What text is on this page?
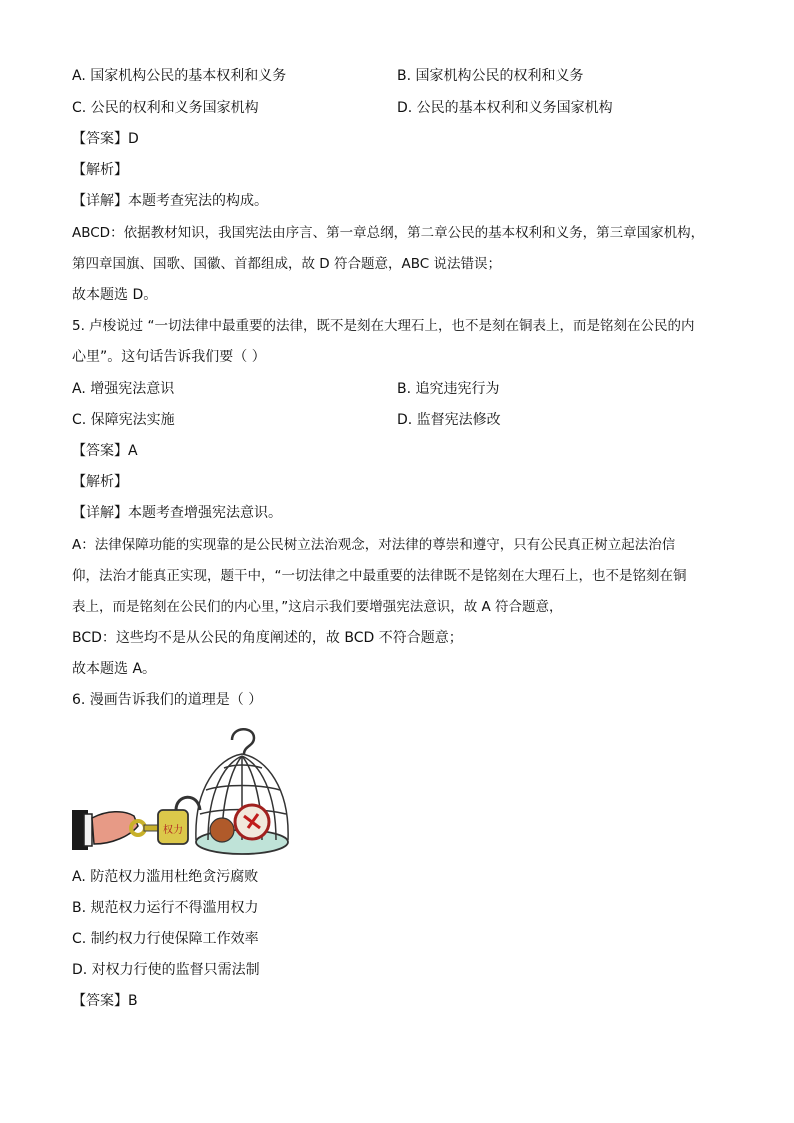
A. 国家机构公民的基本权利和义务	B. 国家机构公民的权利和义务
C. 公民的权利和义务国家机构	D. 公民的基本权利和义务国家机构
【答案】D
【解析】
【详解】本题考查宪法的构成。
ABCD：依据教材知识，我国宪法由序言、第一章总纲，第二章公民的基本权利和义务，第三章国家机构，
第四章国旗、国歌、国徽、首都组成，故 D 符合题意，ABC 说法错误；
故本题选 D。
5. 卢梭说过 “一切法律中最重要的法律，既不是刻在大理石上，也不是刻在铜表上，而是铭刻在公民的内
心里”。这句话告诉我们要（ ）
A. 增强宪法意识	B. 追究违宪行为
C. 保障宪法实施	D. 监督宪法修改
【答案】A
【解析】
【详解】本题考查增强宪法意识。
A：法律保障功能的实现靠的是公民树立法治观念，对法律的尊崇和遵守，只有公民真正树立起法治信
仰，法治才能真正实现，题干中，“一切法律之中最重要的法律既不是铭刻在大理石上，也不是铭刻在铜
表上，而是铭刻在公民们的内心里，”这启示我们要增强宪法意识，故 A 符合题意，
BCD：这些均不是从公民的角度阐述的，故 BCD 不符合题意；
故本题选 A。
6. 漫画告诉我们的道理是（ ）
权力
A. 防范权力滥用杜绝贪污腐败
B. 规范权力运行不得滥用权力
C. 制约权力行使保障工作效率
D. 对权力行使的监督只需法制
【答案】B
